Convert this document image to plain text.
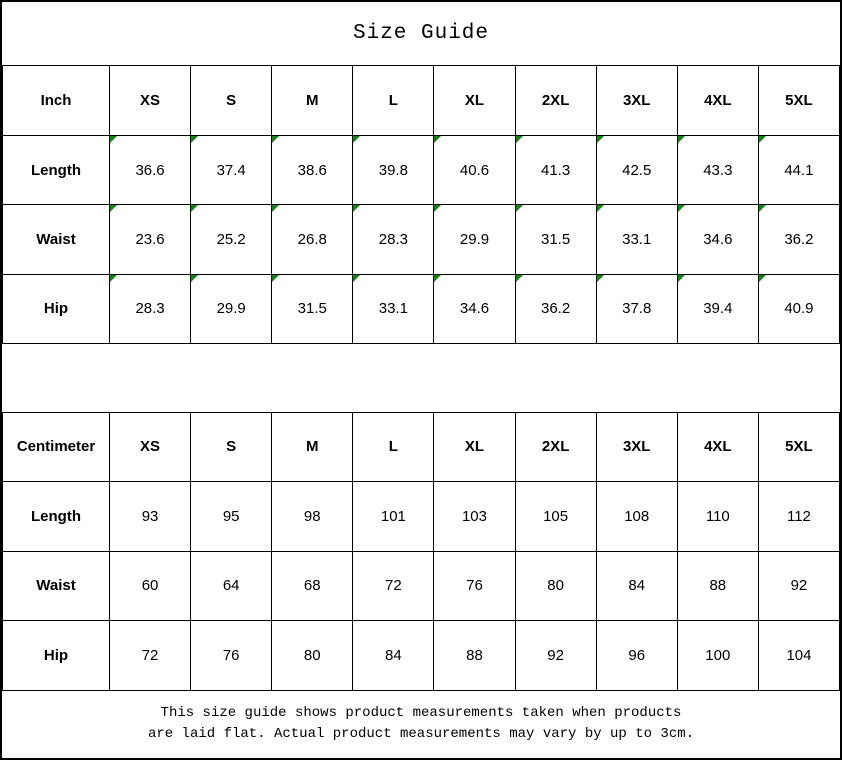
Size Guide									
Inch	XS	S	M	L	XL	2XL	3XL	4XL	5XL
Length	36.6	37.4	38.6	39.8	40.6	41.3	42.5	43.3	44.1
Waist	23.6	25.2	26.8	28.3	29.9	31.5	33.1	34.6	36.2
Hip	28.3	29.9	31.5	33.1	34.6	36.2	37.8	39.4	40.9

Centimeter	XS	S	M	L	XL	2XL	3XL	4XL	5XL
Length	93	95	98	101	103	105	108	110	112
Waist	60	64	68	72	76	80	84	88	92
Hip	72	76	80	84	88	92	96	100	104

This size guide shows product measurements taken when products
are laid flat. Actual product measurements may vary by up to 3cm.									
